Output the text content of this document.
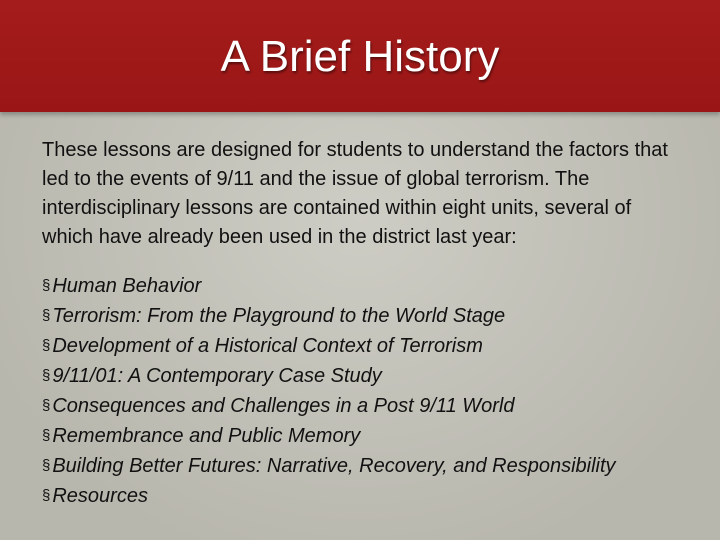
A Brief History

These lessons are designed for students to understand the factors that led to the events of 9/11 and the issue of global terrorism. The interdisciplinary lessons are contained within eight units, several of which have already been used in the district last year:

§ Human Behavior
§ Terrorism: From the Playground to the World Stage
§ Development of a Historical Context of Terrorism
§ 9/11/01: A Contemporary Case Study
§ Consequences and Challenges in a Post 9/11 World
§ Remembrance and Public Memory
§ Building Better Futures: Narrative, Recovery, and Responsibility
§ Resources
